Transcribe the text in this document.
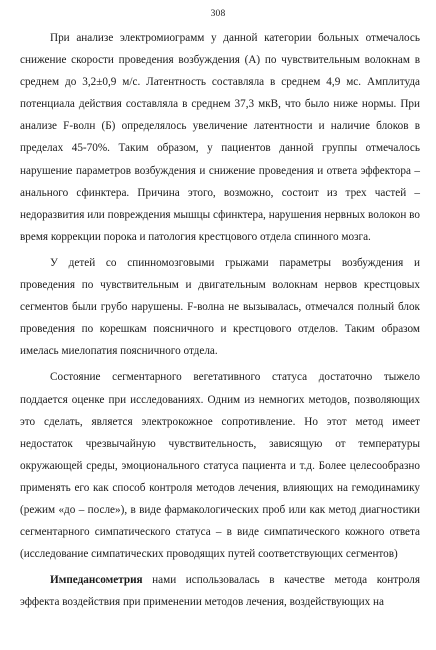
308

При анализе электромиограмм у данной категории больных отмечалось снижение скорости проведения возбуждения (А) по чувствительным волокнам в среднем до 3,2±0,9 м/с. Латентность составляла в среднем 4,9 мс. Амплитуда потенциала действия составляла в среднем 37,3 мкВ, что было ниже нормы. При анализе F-волн (Б) определялось увеличение латентности и наличие блоков в пределах 45-70%. Таким образом, у пациентов данной группы отмечалось нарушение параметров возбуждения и снижение проведения и ответа эффектора – анального сфинктера. Причина этого, возможно, состоит из трех частей – недоразвития или повреждения мышцы сфинктера, нарушения нервных волокон во время коррекции порока и патология крестцового отдела спинного мозга.

У детей со спинномозговыми грыжами параметры возбуждения и проведения по чувствительным и двигательным волокнам нервов крестцовых сегментов были грубо нарушены. F-волна не вызывалась, отмечался полный блок проведения по корешкам поясничного и крестцового отделов. Таким образом имелась миелопатия поясничного отдела.

Состояние сегментарного вегетативного статуса достаточно тыжело поддается оценке при исследованиях. Одним из немногих методов, позволяющих это сделать, является электрокожное сопротивление. Но этот метод имеет недостаток чрезвычайную чувствительность, зависящую от температуры окружающей среды, эмоционального статуса пациента и т.д. Более целесообразно применять его как способ контроля методов лечения, влияющих на гемодинамику (режим «до – после»), в виде фармакологических проб или как метод диагностики сегментарного симпатического статуса – в виде симпатического кожного ответа (исследование симпатических проводящих путей соответствующих сегментов)

Импедансометрия нами использовалась в качестве метода контроля эффекта воздействия при применении методов лечения, воздействующих на
